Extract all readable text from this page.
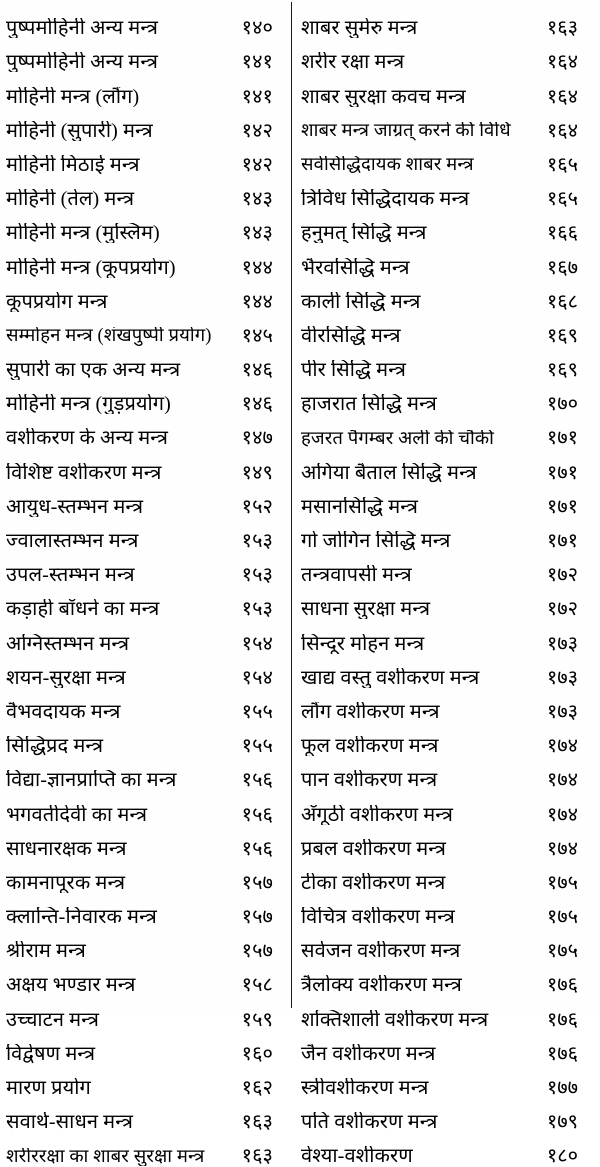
पुष्पमोहिनी अन्य मन्त्र	१४०		शाबर सुमेरु मन्त्र	१६३

पुष्पमोहिनी अन्य मन्त्र	१४१		शरीर रक्षा मन्त्र	१६४

मोहिनी मन्त्र (लौंग)	१४१		शाबर सुरक्षा कवच मन्त्र	१६४

मोहिनी (सुपारी) मन्त्र	१४२		शाबर मन्त्र जाग्रत् करने की विधि	१६४

मोहिनी मिठाई मन्त्र	१४२		सर्वसिद्धिदायक शाबर मन्त्र	१६५

मोहिनी (तेल) मन्त्र	१४३		त्रिविध सिद्धिदायक मन्त्र	१६५

मोहिनी मन्त्र (मुस्लिम)	१४३		हनुमत् सिद्धि मन्त्र	१६६

मोहिनी मन्त्र (कूपप्रयोग)	१४४		भैरवसिद्धि मन्त्र	१६७

कूपप्रयोग मन्त्र	१४४		काली सिद्धि मन्त्र	१६८

सम्मोहन मन्त्र (शंखपुष्पी प्रयोग)	१४५		वीरसिद्धि मन्त्र	१६९

सुपारी का एक अन्य मन्त्र	१४६		पीर सिद्धि मन्त्र	१६९

मोहिनी मन्त्र (गुड़प्रयोग)	१४६		हाजरात सिद्धि मन्त्र	१७०

वशीकरण के अन्य मन्त्र	१४७		हजरत पैगम्बर अली की चौंकी	१७१

विशिष्ट वशीकरण मन्त्र	१४९		अगिया बैताल सिद्धि मन्त्र	१७१

आयुध-स्तम्भन मन्त्र	१५२		मसानसिद्धि मन्त्र	१७१

ज्वालास्तम्भन मन्त्र	१५३		गो जोगिन सिद्धि मन्त्र	१७१

उपल-स्तम्भन मन्त्र	१५३		तन्त्रवापसी मन्त्र	१७२

कड़ाही बाँधने का मन्त्र	१५३		साधना सुरक्षा मन्त्र	१७२

अग्निस्तम्भन मन्त्र	१५४		सिन्दूर मोहन मन्त्र	१७३

शयन-सुरक्षा मन्त्र	१५४		खाद्य वस्तु वशीकरण मन्त्र	१७३

वैभवदायक मन्त्र	१५५		लौंग वशीकरण मन्त्र	१७३

सिद्धिप्रद मन्त्र	१५५		फूल वशीकरण मन्त्र	१७४

विद्या-ज्ञानप्राप्ति का मन्त्र	१५६		पान वशीकरण मन्त्र	१७४

भगवतीदेवी का मन्त्र	१५६		अँगूठी वशीकरण मन्त्र	१७४

साधनारक्षक मन्त्र	१५६		प्रबल वशीकरण मन्त्र	१७४

कामनापूरक मन्त्र	१५७		टीका वशीकरण मन्त्र	१७५

क्लान्ति-निवारक मन्त्र	१५७		विचित्र वशीकरण मन्त्र	१७५

श्रीराम मन्त्र	१५७		सर्वजन वशीकरण मन्त्र	१७५

अक्षय भण्डार मन्त्र	१५८		त्रैलोक्य वशीकरण मन्त्र	१७६

उच्चाटन मन्त्र	१५९		शक्तिशाली वशीकरण मन्त्र	१७६

विद्वेषण मन्त्र	१६०		जैन वशीकरण मन्त्र	१७६

मारण प्रयोग	१६२		स्त्रीवशीकरण मन्त्र	१७७

सवार्थ-साधन मन्त्र	१६३		पति वशीकरण मन्त्र	१७९

शरीररक्षा का शाबर सुरक्षा मन्त्र	१६३		वेश्या-वशीकरण	१८०
